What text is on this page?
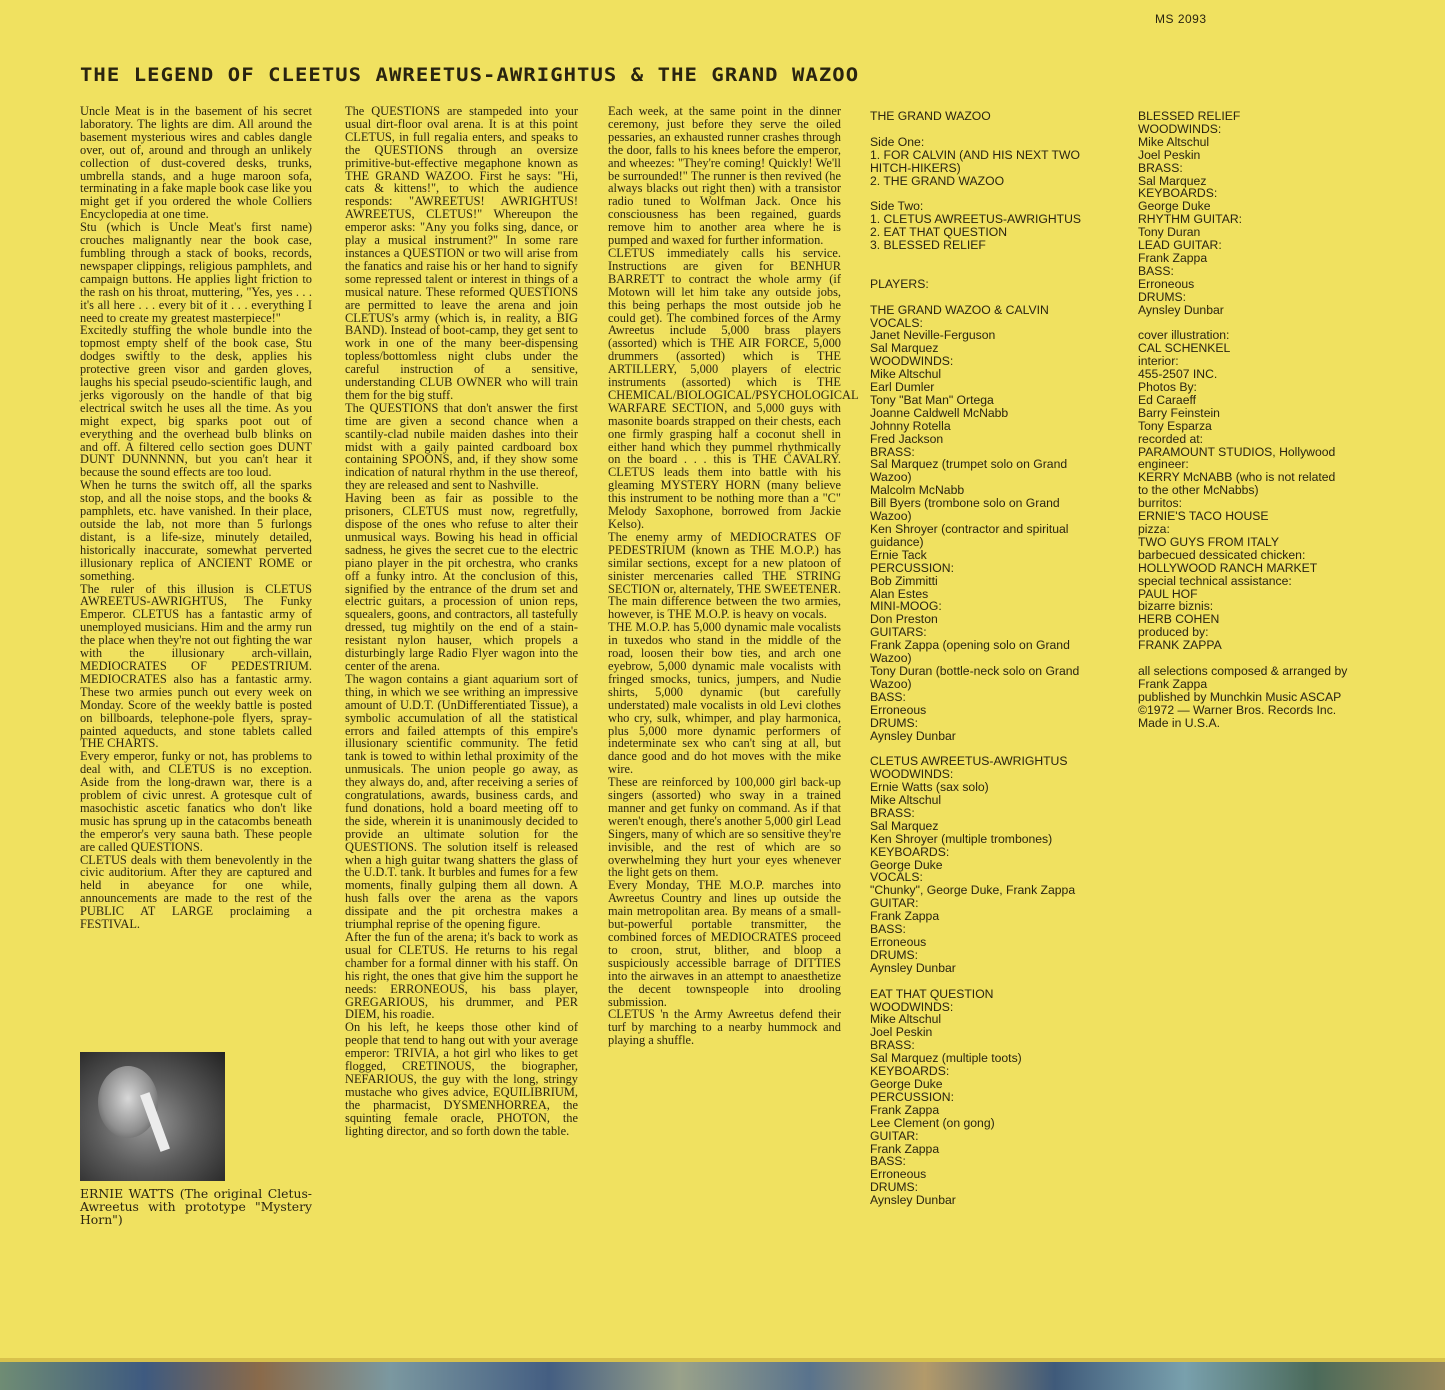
MS 2093
THE LEGEND OF CLEETUS AWREETUS-AWRIGHTUS & THE GRAND WAZOO
Uncle Meat is in the basement of his secret laboratory. The lights are dim. All around the basement mysterious wires and cables dangle over, out of, around and through an unlikely collection of dust-covered desks, trunks, umbrella stands, and a huge maroon sofa, terminating in a fake maple book case like you might get if you ordered the whole Colliers Encyclopedia at one time.
Stu (which is Uncle Meat's first name) crouches malignantly near the book case, fumbling through a stack of books, records, newspaper clippings, religious pamphlets, and campaign buttons. He applies light friction to the rash on his throat, muttering, "Yes, yes . . . it's all here . . . every bit of it . . . everything I need to create my greatest masterpiece!"
Excitedly stuffing the whole bundle into the topmost empty shelf of the book case, Stu dodges swiftly to the desk, applies his protective green visor and garden gloves, laughs his special pseudo-scientific laugh, and jerks vigorously on the handle of that big electrical switch he uses all the time. As you might expect, big sparks poot out of everything and the overhead bulb blinks on and off. A filtered cello section goes DUNT DUNT DUNNNNN, but you can't hear it because the sound effects are too loud.
When he turns the switch off, all the sparks stop, and all the noise stops, and the books & pamphlets, etc. have vanished. In their place, outside the lab, not more than 5 furlongs distant, is a life-size, minutely detailed, historically inaccurate, somewhat perverted illusionary replica of ANCIENT ROME or something.
The ruler of this illusion is CLETUS AWREETUS-AWRIGHTUS, The Funky Emperor. CLETUS has a fantastic army of unemployed musicians. Him and the army run the place when they're not out fighting the war with the illusionary arch-villain, MEDIOCRATES OF PEDESTRIUM. MEDIOCRATES also has a fantastic army. These two armies punch out every week on Monday. Score of the weekly battle is posted on billboards, telephone-pole flyers, spray-painted aqueducts, and stone tablets called THE CHARTS.
Every emperor, funky or not, has problems to deal with, and CLETUS is no exception. Aside from the long-drawn war, there is a problem of civic unrest. A grotesque cult of masochistic ascetic fanatics who don't like music has sprung up in the catacombs beneath the emperor's very sauna bath. These people are called QUESTIONS.
CLETUS deals with them benevolently in the civic auditorium. After they are captured and held in abeyance for one while, announcements are made to the rest of the PUBLIC AT LARGE proclaiming a FESTIVAL.
The QUESTIONS are stampeded into your usual dirt-floor oval arena. It is at this point CLETUS, in full regalia enters, and speaks to the QUESTIONS through an oversize primitive-but-effective megaphone known as THE GRAND WAZOO. First he says: "Hi, cats & kittens!", to which the audience responds: "AWREETUS! AWRIGHTUS! AWREETUS, CLETUS!" Whereupon the emperor asks: "Any you folks sing, dance, or play a musical instrument?" In some rare instances a QUESTION or two will arise from the fanatics and raise his or her hand to signify some repressed talent or interest in things of a musical nature. These reformed QUESTIONS are permitted to leave the arena and join CLETUS's army (which is, in reality, a BIG BAND). Instead of boot-camp, they get sent to work in one of the many beer-dispensing topless/bottomless night clubs under the careful instruction of a sensitive, understanding CLUB OWNER who will train them for the big stuff.
The QUESTIONS that don't answer the first time are given a second chance when a scantily-clad nubile maiden dashes into their midst with a gaily painted cardboard box containing SPOONS, and, if they show some indication of natural rhythm in the use thereof, they are released and sent to Nashville.
Having been as fair as possible to the prisoners, CLETUS must now, regretfully, dispose of the ones who refuse to alter their unmusical ways. Bowing his head in official sadness, he gives the secret cue to the electric piano player in the pit orchestra, who cranks off a funky intro. At the conclusion of this, signified by the entrance of the drum set and electric guitars, a procession of union reps, squealers, goons, and contractors, all tastefully dressed, tug mightily on the end of a stain-resistant nylon hauser, which propels a disturbingly large Radio Flyer wagon into the center of the arena.
The wagon contains a giant aquarium sort of thing, in which we see writhing an impressive amount of U.D.T. (UnDifferentiated Tissue), a symbolic accumulation of all the statistical errors and failed attempts of this empire's illusionary scientific community. The fetid tank is towed to within lethal proximity of the unmusicals. The union people go away, as they always do, and, after receiving a series of congratulations, awards, business cards, and fund donations, hold a board meeting off to the side, wherein it is unanimously decided to provide an ultimate solution for the QUESTIONS. The solution itself is released when a high guitar twang shatters the glass of the U.D.T. tank. It burbles and fumes for a few moments, finally gulping them all down. A hush falls over the arena as the vapors dissipate and the pit orchestra makes a triumphal reprise of the opening figure.
After the fun of the arena; it's back to work as usual for CLETUS. He returns to his regal chamber for a formal dinner with his staff. On his right, the ones that give him the support he needs: ERRONEOUS, his bass player, GREGARIOUS, his drummer, and PER DIEM, his roadie.
On his left, he keeps those other kind of people that tend to hang out with your average emperor: TRIVIA, a hot girl who likes to get flogged, CRETINOUS, the biographer, NEFARIOUS, the guy with the long, stringy mustache who gives advice, EQUILIBRIUM, the pharmacist, DYSMENHORREA, the squinting female oracle, PHOTON, the lighting director, and so forth down the table.
Each week, at the same point in the dinner ceremony, just before they serve the oiled pessaries, an exhausted runner crashes through the door, falls to his knees before the emperor, and wheezes: "They're coming! Quickly! We'll be surrounded!" The runner is then revived (he always blacks out right then) with a transistor radio tuned to Wolfman Jack. Once his consciousness has been regained, guards remove him to another area where he is pumped and waxed for further information.
CLETUS immediately calls his service. Instructions are given for BENHUR BARRETT to contract the whole army (if Motown will let him take any outside jobs, this being perhaps the most outside job he could get). The combined forces of the Army Awreetus include 5,000 brass players (assorted) which is THE AIR FORCE, 5,000 drummers (assorted) which is THE ARTILLERY, 5,000 players of electric instruments (assorted) which is THE CHEMICAL/BIOLOGICAL/PSYCHOLOGICAL WARFARE SECTION, and 5,000 guys with masonite boards strapped on their chests, each one firmly grasping half a coconut shell in either hand which they pummel rhythmically on the board . . . this is THE CAVALRY. CLETUS leads them into battle with his gleaming MYSTERY HORN (many believe this instrument to be nothing more than a "C" Melody Saxophone, borrowed from Jackie Kelso).
The enemy army of MEDIOCRATES OF PEDESTRIUM (known as THE M.O.P.) has similar sections, except for a new platoon of sinister mercenaries called THE STRING SECTION or, alternately, THE SWEETENER. The main difference between the two armies, however, is THE M.O.P. is heavy on vocals.
THE M.O.P. has 5,000 dynamic male vocalists in tuxedos who stand in the middle of the road, loosen their bow ties, and arch one eyebrow, 5,000 dynamic male vocalists with fringed smocks, tunics, jumpers, and Nudie shirts, 5,000 dynamic (but carefully understated) male vocalists in old Levi clothes who cry, sulk, whimper, and play harmonica, plus 5,000 more dynamic performers of indeterminate sex who can't sing at all, but dance good and do hot moves with the mike wire.
These are reinforced by 100,000 girl back-up singers (assorted) who sway in a trained manner and get funky on command. As if that weren't enough, there's another 5,000 girl Lead Singers, many of which are so sensitive they're invisible, and the rest of which are so overwhelming they hurt your eyes whenever the light gets on them.
Every Monday, THE M.O.P. marches into Awreetus Country and lines up outside the main metropolitan area. By means of a small-but-powerful portable transmitter, the combined forces of MEDIOCRATES proceed to croon, strut, blither, and bloop a suspiciously accessible barrage of DITTIES into the airwaves in an attempt to anaesthetize the decent townspeople into drooling submission.
CLETUS 'n the Army Awreetus defend their turf by marching to a nearby hummock and playing a shuffle.
ERNIE WATTS (The original Cletus-Awreetus with prototype "Mystery Horn")
THE GRAND WAZOO

Side One:
1. FOR CALVIN (AND HIS NEXT TWO
HITCH-HIKERS)
2. THE GRAND WAZOO

Side Two:
1. CLETUS AWREETUS-AWRIGHTUS
2. EAT THAT QUESTION
3. BLESSED RELIEF

PLAYERS:

THE GRAND WAZOO & CALVIN
VOCALS:
Janet Neville-Ferguson
Sal Marquez
WOODWINDS:
Mike Altschul
Earl Dumler
Tony "Bat Man" Ortega
Joanne Caldwell McNabb
Johnny Rotella
Fred Jackson
BRASS:
Sal Marquez (trumpet solo on Grand
Wazoo)
Malcolm McNabb
Bill Byers (trombone solo on Grand
Wazoo)
Ken Shroyer (contractor and spiritual
guidance)
Ernie Tack
PERCUSSION:
Bob Zimmitti
Alan Estes
MINI-MOOG:
Don Preston
GUITARS:
Frank Zappa (opening solo on Grand
Wazoo)
Tony Duran (bottle-neck solo on Grand
Wazoo)
BASS:
Erroneous
DRUMS:
Aynsley Dunbar

CLETUS AWREETUS-AWRIGHTUS
WOODWINDS:
Ernie Watts (sax solo)
Mike Altschul
BRASS:
Sal Marquez
Ken Shroyer (multiple trombones)
KEYBOARDS:
George Duke
VOCALS:
"Chunky", George Duke, Frank Zappa
GUITAR:
Frank Zappa
BASS:
Erroneous
DRUMS:
Aynsley Dunbar

EAT THAT QUESTION
WOODWINDS:
Mike Altschul
Joel Peskin
BRASS:
Sal Marquez (multiple toots)
KEYBOARDS:
George Duke
PERCUSSION:
Frank Zappa
Lee Clement (on gong)
GUITAR:
Frank Zappa
BASS:
Erroneous
DRUMS:
Aynsley Dunbar
BLESSED RELIEF
WOODWINDS:
Mike Altschul
Joel Peskin
BRASS:
Sal Marquez
KEYBOARDS:
George Duke
RHYTHM GUITAR:
Tony Duran
LEAD GUITAR:
Frank Zappa
BASS:
Erroneous
DRUMS:
Aynsley Dunbar

cover illustration:
CAL SCHENKEL
interior:
455-2507 INC.
Photos By:
Ed Caraeff
Barry Feinstein
Tony Esparza
recorded at:
PARAMOUNT STUDIOS, Hollywood
engineer:
KERRY McNABB (who is not related
to the other McNabbs)
burritos:
ERNIE'S TACO HOUSE
pizza:
TWO GUYS FROM ITALY
barbecued dessicated chicken:
HOLLYWOOD RANCH MARKET
special technical assistance:
PAUL HOF
bizarre biznis:
HERB COHEN
produced by:
FRANK ZAPPA

all selections composed & arranged by
Frank Zappa
published by Munchkin Music ASCAP
©1972 — Warner Bros. Records Inc.
Made in U.S.A.
